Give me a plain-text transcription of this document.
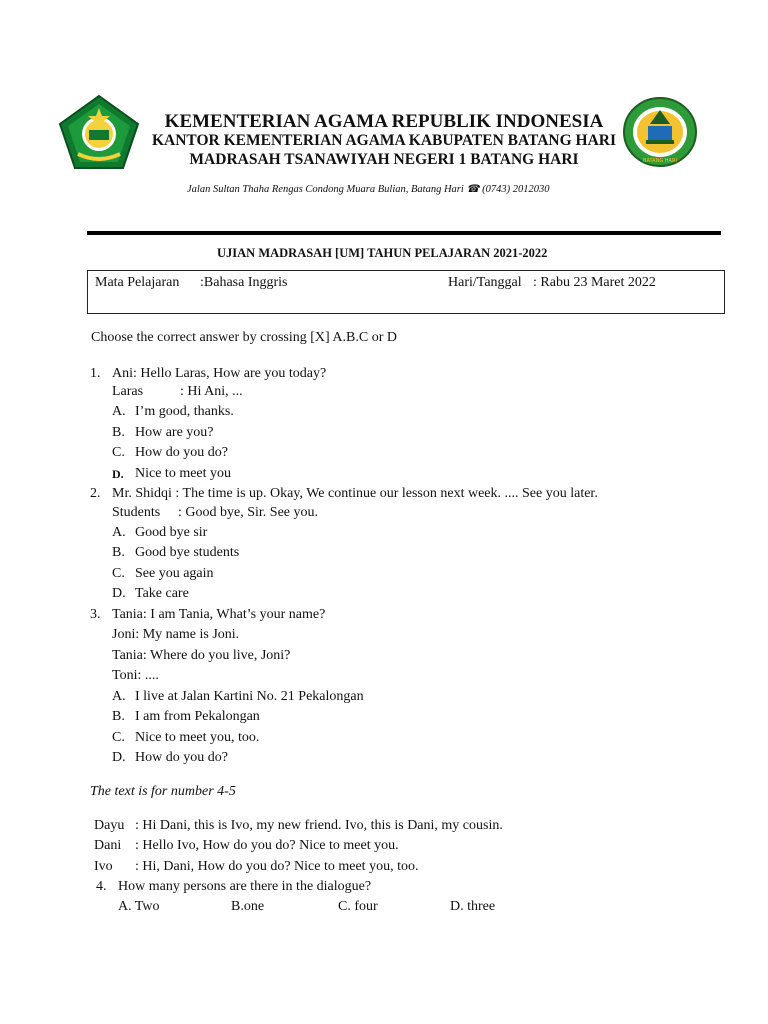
BATANG HARI
KEMENTERIAN AGAMA REPUBLIK INDONESIA
KANTOR KEMENTERIAN AGAMA KABUPATEN BATANG HARI
MADRASAH TSANAWIYAH NEGERI 1 BATANG HARI
Jalan Sultan Thaha Rengas Condong Muara Bulian, Batang Hari ☎ (0743) 2012030
UJIAN MADRASAH [UM] TAHUN PELAJARAN 2021-2022
Mata Pelajaran :Bahasa Inggris	Hari/Tanggal : Rabu 23 Maret 2022
Choose the correct answer by crossing [X] A.B.C or D
1. Ani: Hello Laras, How are you today?
Laras	: Hi Ani, ...
A. I’m good, thanks.
B. How are you?
C. How do you do?
D. Nice to meet you
2. Mr. Shidqi : The time is up. Okay, We continue our lesson next week. .... See you later.
Students : Good bye, Sir. See you.
A. Good bye sir
B. Good bye students
C. See you again
D. Take care
3. Tania: I am Tania, What’s your name?
Joni: My name is Joni.
Tania: Where do you live, Joni?
Toni: ....
A. I live at Jalan Kartini No. 21 Pekalongan
B. I am from Pekalongan
C. Nice to meet you, too.
D. How do you do?
The text is for number 4-5
Dayu : Hi Dani, this is Ivo, my new friend. Ivo, this is Dani, my cousin.
Dani : Hello Ivo, How do you do? Nice to meet you.
Ivo : Hi, Dani, How do you do? Nice to meet you, too.
4. How many persons are there in the dialogue?
A. Two	B.one	C. four	D. three
